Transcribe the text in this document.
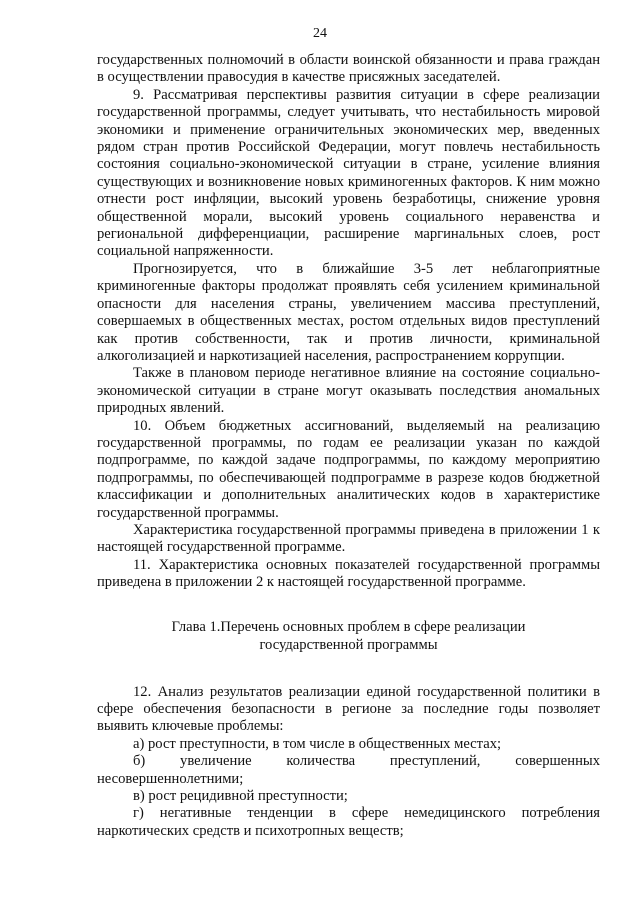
24

государственных полномочий в области воинской обязанности и права граждан в осуществлении правосудия в качестве присяжных заседателей.

9. Рассматривая перспективы развития ситуации в сфере реализации государственной программы, следует учитывать, что нестабильность мировой экономики и применение ограничительных экономических мер, введенных рядом стран против Российской Федерации, могут повлечь нестабильность состояния социально-экономической ситуации в стране, усиление влияния существующих и возникновение новых криминогенных факторов. К ним можно отнести рост инфляции, высокий уровень безработицы, снижение уровня общественной морали, высокий уровень социального неравенства и региональной дифференциации, расширение маргинальных слоев, рост социальной напряженности.

Прогнозируется, что в ближайшие 3-5 лет неблагоприятные криминогенные факторы продолжат проявлять себя усилением криминальной опасности для населения страны, увеличением массива преступлений, совершаемых в общественных местах, ростом отдельных видов преступлений как против собственности, так и против личности, криминальной алкоголизацией и наркотизацией населения, распространением коррупции.

Также в плановом периоде негативное влияние на состояние социально-экономической ситуации в стране могут оказывать последствия аномальных природных явлений.

10. Объем бюджетных ассигнований, выделяемый на реализацию государственной программы, по годам ее реализации указан по каждой подпрограмме, по каждой задаче подпрограммы, по каждому мероприятию подпрограммы, по обеспечивающей подпрограмме в разрезе кодов бюджетной классификации и дополнительных аналитических кодов в характеристике государственной программы.

Характеристика государственной программы приведена в приложении 1 к настоящей государственной программе.

11. Характеристика основных показателей государственной программы приведена в приложении 2 к настоящей государственной программе.

Глава 1.Перечень основных проблем в сфере реализации
государственной программы

12. Анализ результатов реализации единой государственной политики в сфере обеспечения безопасности в регионе за последние годы позволяет выявить ключевые проблемы:

а) рост преступности, в том числе в общественных местах;

б) увеличение количества преступлений, совершенных несовершеннолетними;

в) рост рецидивной преступности;

г) негативные тенденции в сфере немедицинского потребления наркотических средств и психотропных веществ;
